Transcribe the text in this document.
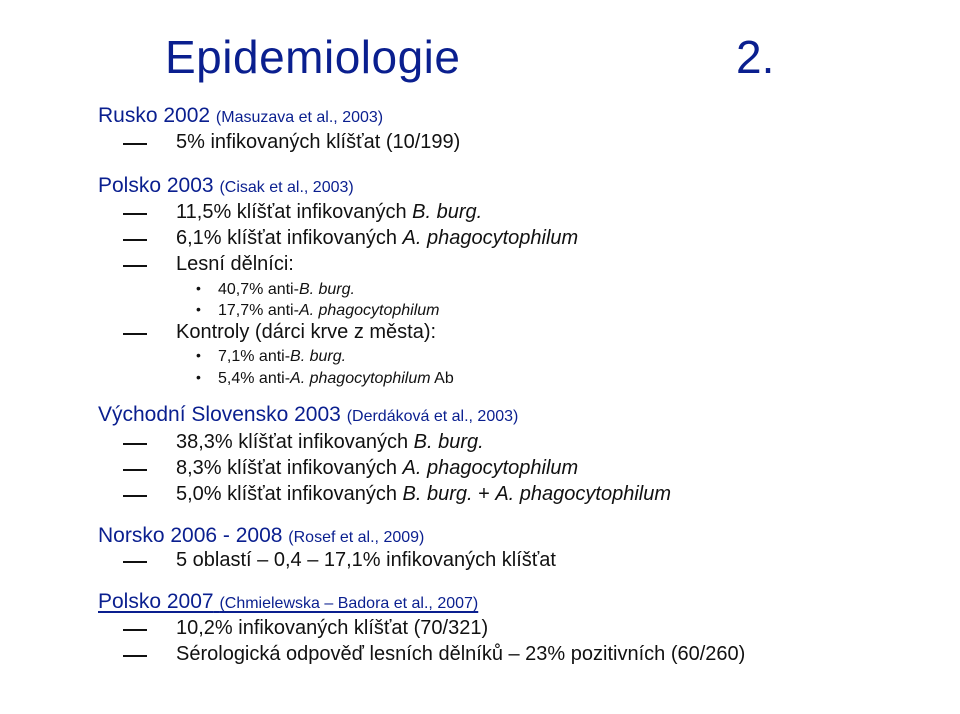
Epidemiologie	2.
Rusko 2002 (Masuzava et al., 2003)
5% infikovaných klíšťat (10/199)
Polsko 2003 (Cisak et al., 2003)
11,5% klíšťat infikovaných B. burg.
6,1% klíšťat infikovaných A. phagocytophilum
Lesní dělníci:
• 40,7% anti-B. burg.
• 17,7% anti-A. phagocytophilum
Kontroly (dárci krve z města):
• 7,1% anti-B. burg.
• 5,4% anti-A. phagocytophilum Ab
Východní Slovensko 2003 (Derdáková et al., 2003)
38,3% klíšťat infikovaných B. burg.
8,3% klíšťat infikovaných A. phagocytophilum
5,0% klíšťat infikovaných B. burg. + A. phagocytophilum
Norsko 2006 - 2008 (Rosef et al., 2009)
5 oblastí – 0,4 – 17,1% infikovaných klíšťat
Polsko 2007 (Chmielewska – Badora et al., 2007)
10,2% infikovaných klíšťat (70/321)
Sérologická odpověď lesních dělníků – 23% pozitivních (60/260)
